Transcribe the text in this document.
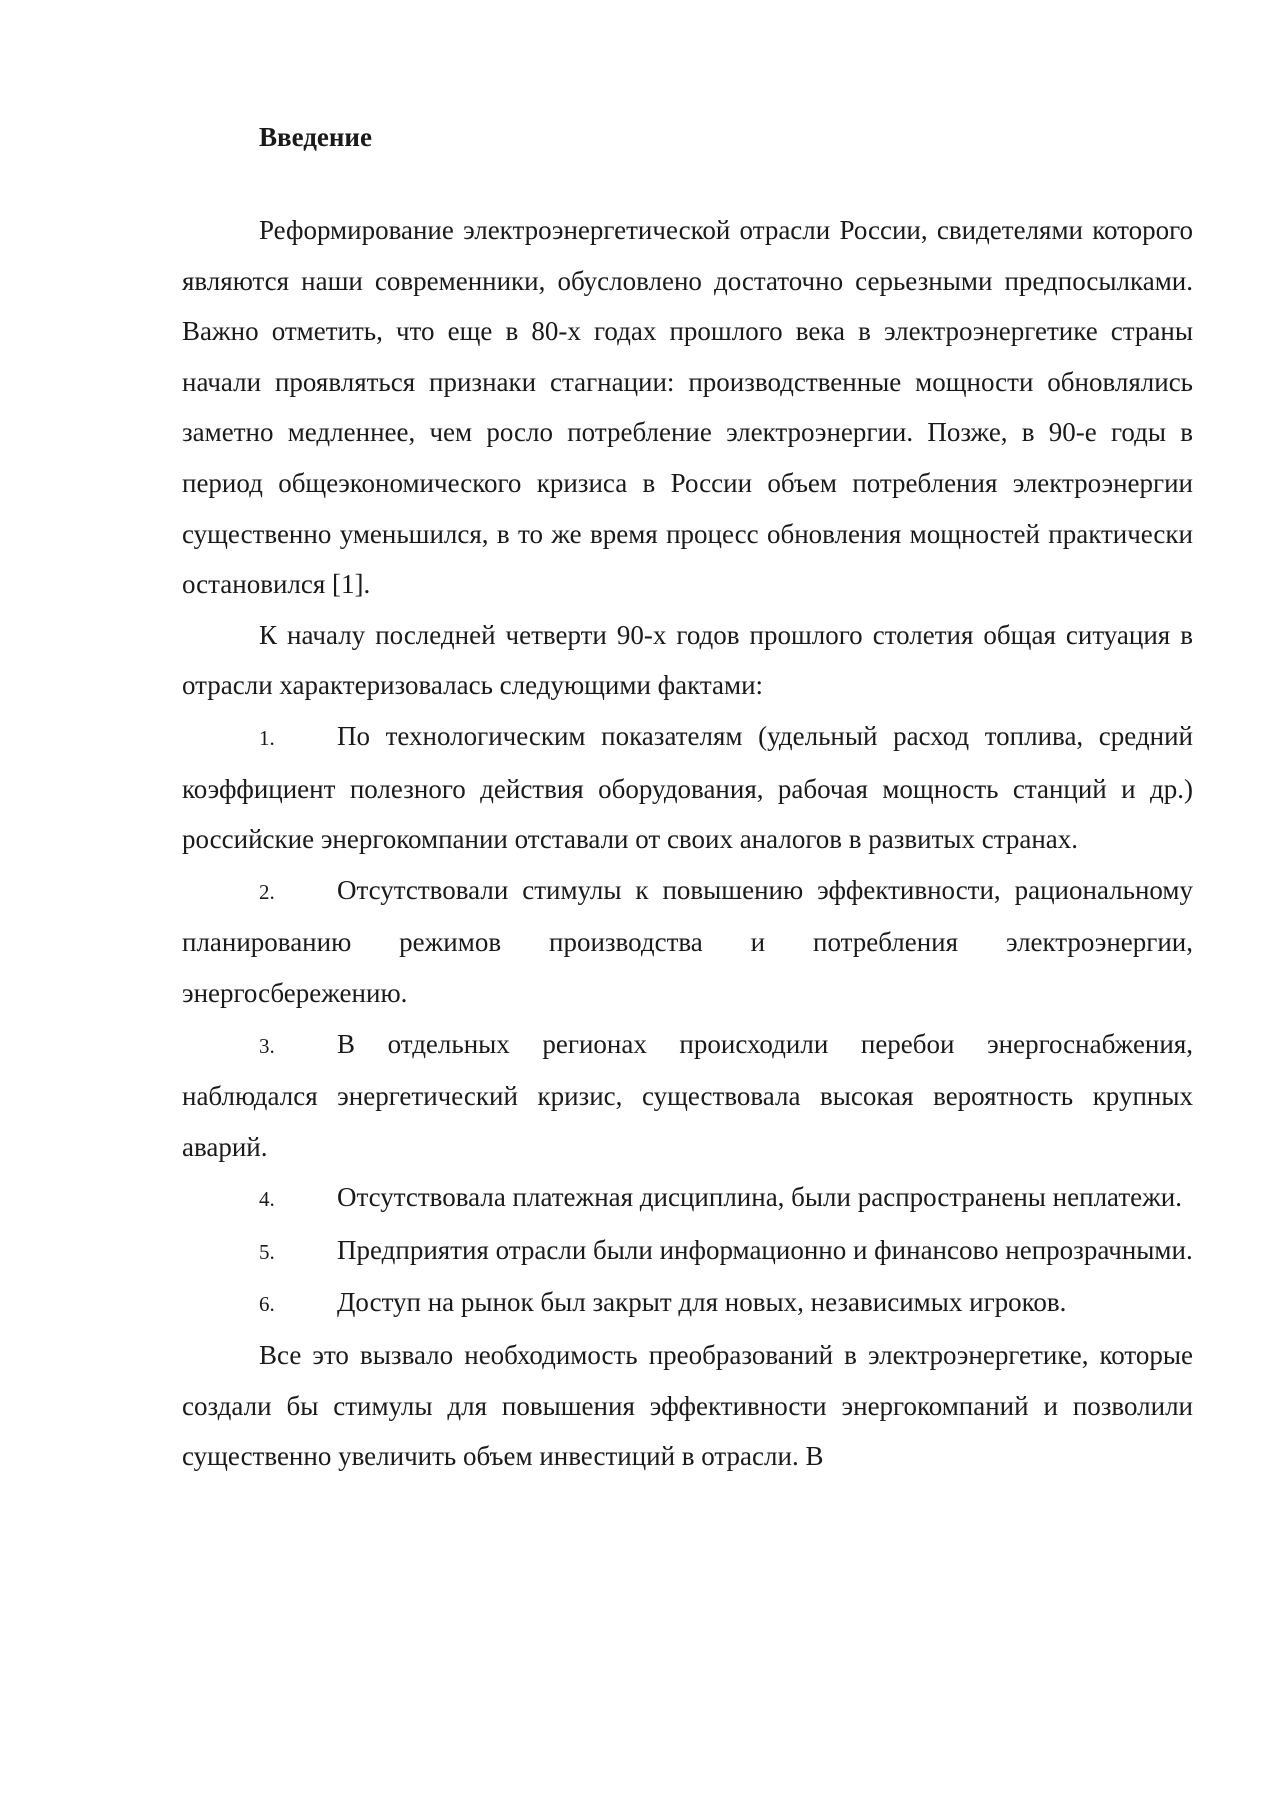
Введение

Реформирование электроэнергетической отрасли России, свидетелями которого являются наши современники, обусловлено достаточно серьезными предпосылками. Важно отметить, что еще в 80-х годах прошлого века в электроэнергетике страны начали проявляться признаки стагнации: производственные мощности обновлялись заметно медленнее, чем росло потребление электроэнергии. Позже, в 90-е годы в период общеэкономического кризиса в России объем потребления электроэнергии существенно уменьшился, в то же время процесс обновления мощностей практически остановился [1].

К началу последней четверти 90-х годов прошлого столетия общая ситуация в отрасли характеризовалась следующими фактами:

1. По технологическим показателям (удельный расход топлива, средний коэффициент полезного действия оборудования, рабочая мощность станций и др.) российские энергокомпании отставали от своих аналогов в развитых странах.

2. Отсутствовали стимулы к повышению эффективности, рациональному планированию режимов производства и потребления электроэнергии, энергосбережению.

3. В отдельных регионах происходили перебои энергоснабжения, наблюдался энергетический кризис, существовала высокая вероятность крупных аварий.

4. Отсутствовала платежная дисциплина, были распространены неплатежи.

5. Предприятия отрасли были информационно и финансово непрозрачными.

6. Доступ на рынок был закрыт для новых, независимых игроков.

Все это вызвало необходимость преобразований в электроэнергетике, которые создали бы стимулы для повышения эффективности энергокомпаний и позволили существенно увеличить объем инвестиций в отрасли. В
